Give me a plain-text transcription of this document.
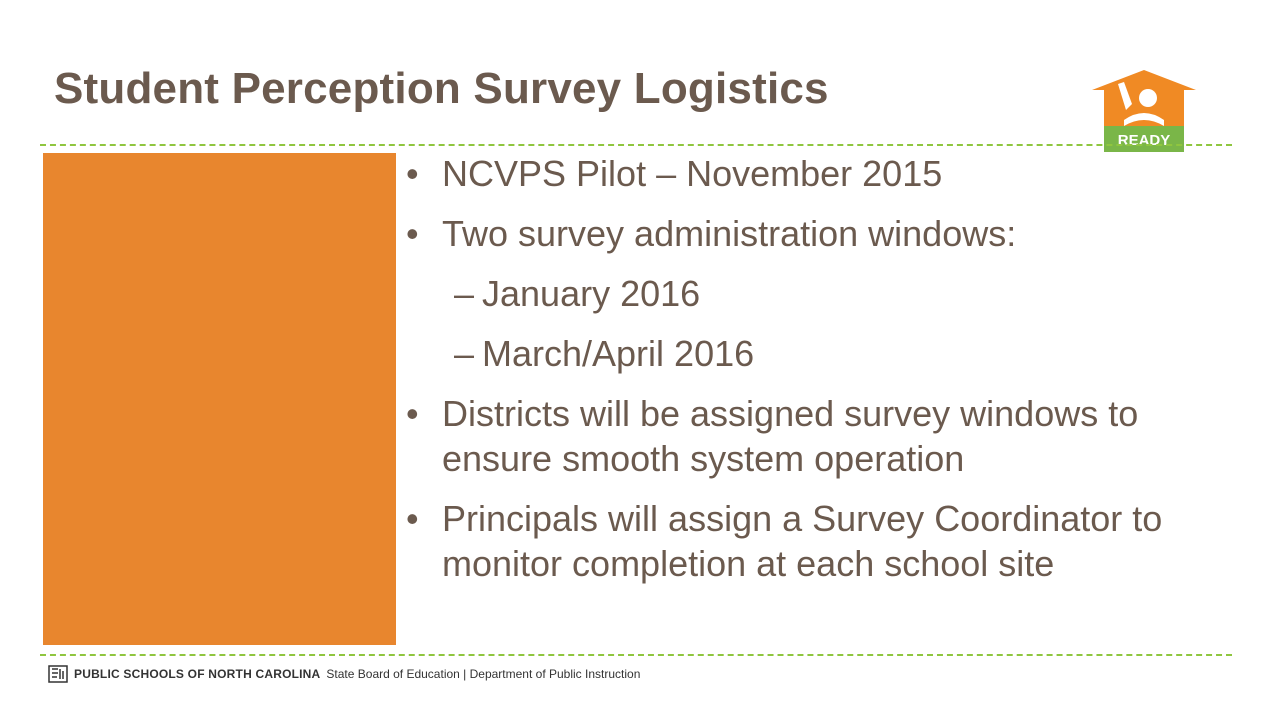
Student Perception Survey Logistics
READY
• NCVPS Pilot – November 2015
• Two survey administration windows:
– January 2016
– March/April 2016
• Districts will be assigned survey windows to ensure smooth system operation
• Principals will assign a Survey Coordinator to monitor completion at each school site
PUBLIC SCHOOLS OF NORTH CAROLINA State Board of Education | Department of Public Instruction
